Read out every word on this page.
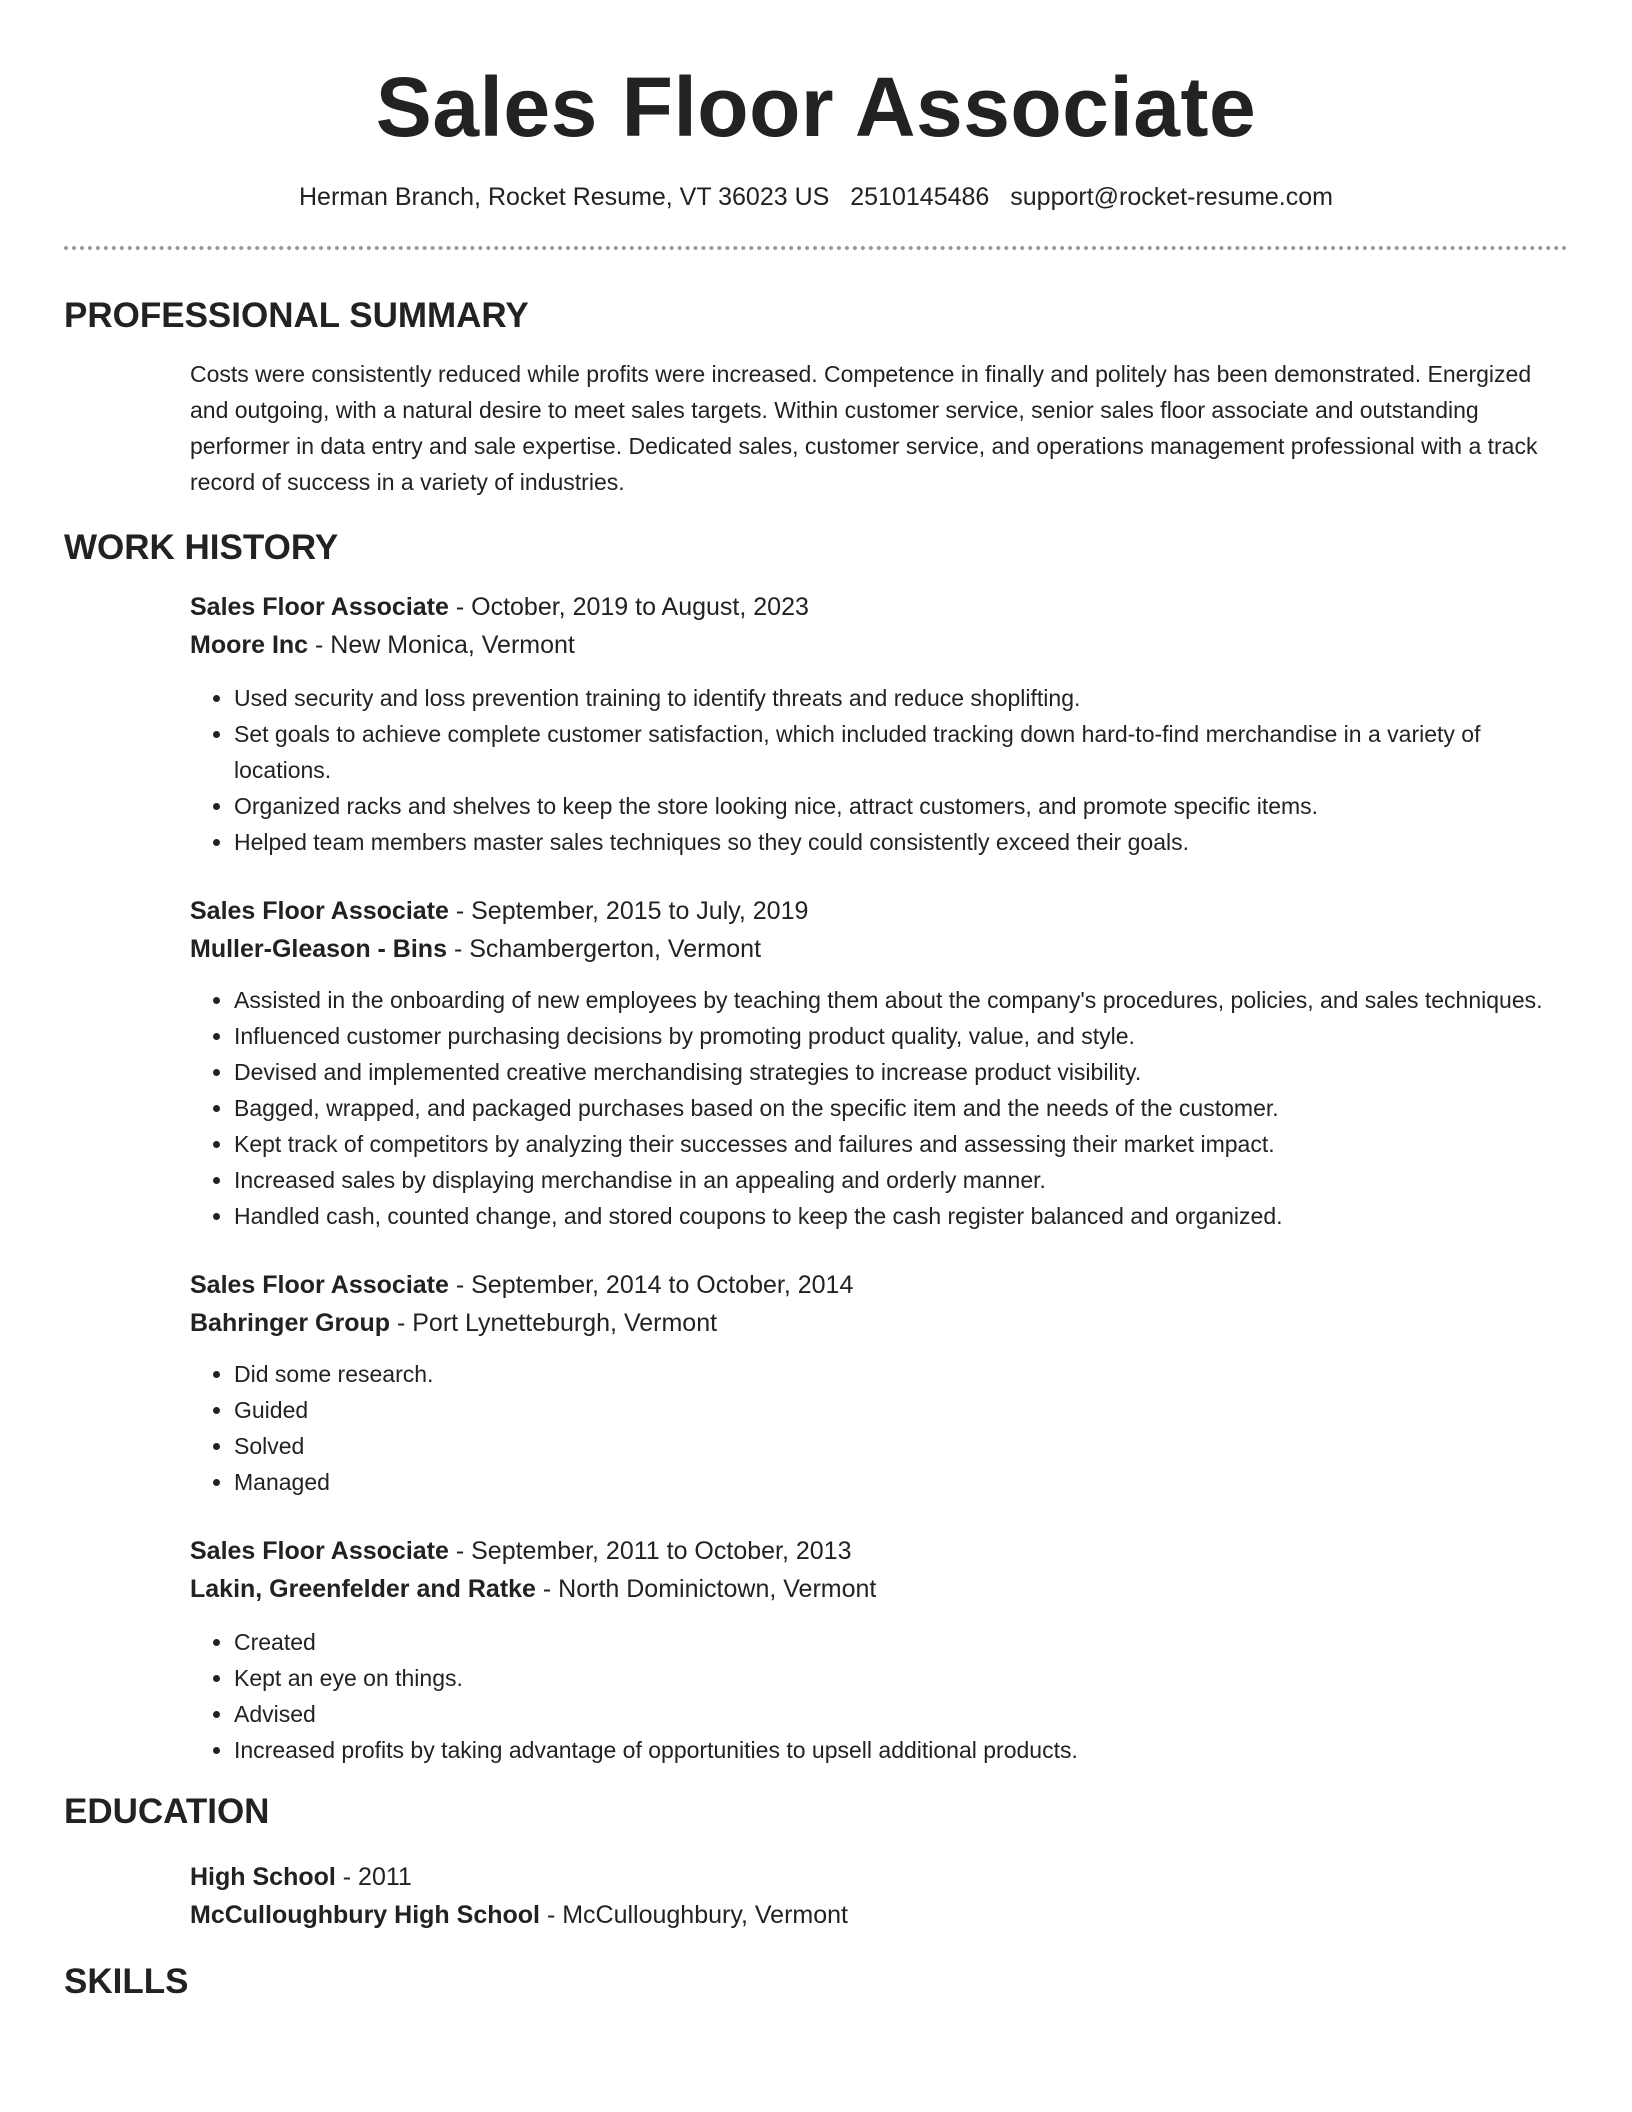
Sales Floor Associate
Herman Branch, Rocket Resume, VT 36023 US 2510145486 support@rocket-resume.com
PROFESSIONAL SUMMARY

Costs were consistently reduced while profits were increased. Competence in finally and politely has been demonstrated. Energized and outgoing, with a natural desire to meet sales targets. Within customer service, senior sales floor associate and outstanding performer in data entry and sale expertise. Dedicated sales, customer service, and operations management professional with a track record of success in a variety of industries.

WORK HISTORY
Sales Floor Associate - October, 2019 to August, 2023
Moore Inc - New Monica, Vermont
• Used security and loss prevention training to identify threats and reduce shoplifting.
• Set goals to achieve complete customer satisfaction, which included tracking down hard-to-find merchandise in a variety of locations.
• Organized racks and shelves to keep the store looking nice, attract customers, and promote specific items.
• Helped team members master sales techniques so they could consistently exceed their goals.
Sales Floor Associate - September, 2015 to July, 2019
Muller-Gleason - Bins - Schambergerton, Vermont
• Assisted in the onboarding of new employees by teaching them about the company's procedures, policies, and sales techniques.
• Influenced customer purchasing decisions by promoting product quality, value, and style.
• Devised and implemented creative merchandising strategies to increase product visibility.
• Bagged, wrapped, and packaged purchases based on the specific item and the needs of the customer.
• Kept track of competitors by analyzing their successes and failures and assessing their market impact.
• Increased sales by displaying merchandise in an appealing and orderly manner.
• Handled cash, counted change, and stored coupons to keep the cash register balanced and organized.
Sales Floor Associate - September, 2014 to October, 2014
Bahringer Group - Port Lynetteburgh, Vermont
• Did some research.
• Guided
• Solved
• Managed
Sales Floor Associate - September, 2011 to October, 2013
Lakin, Greenfelder and Ratke - North Dominictown, Vermont
• Created
• Kept an eye on things.
• Advised
• Increased profits by taking advantage of opportunities to upsell additional products.
EDUCATION
High School - 2011
McCulloughbury High School - McCulloughbury, Vermont
SKILLS
